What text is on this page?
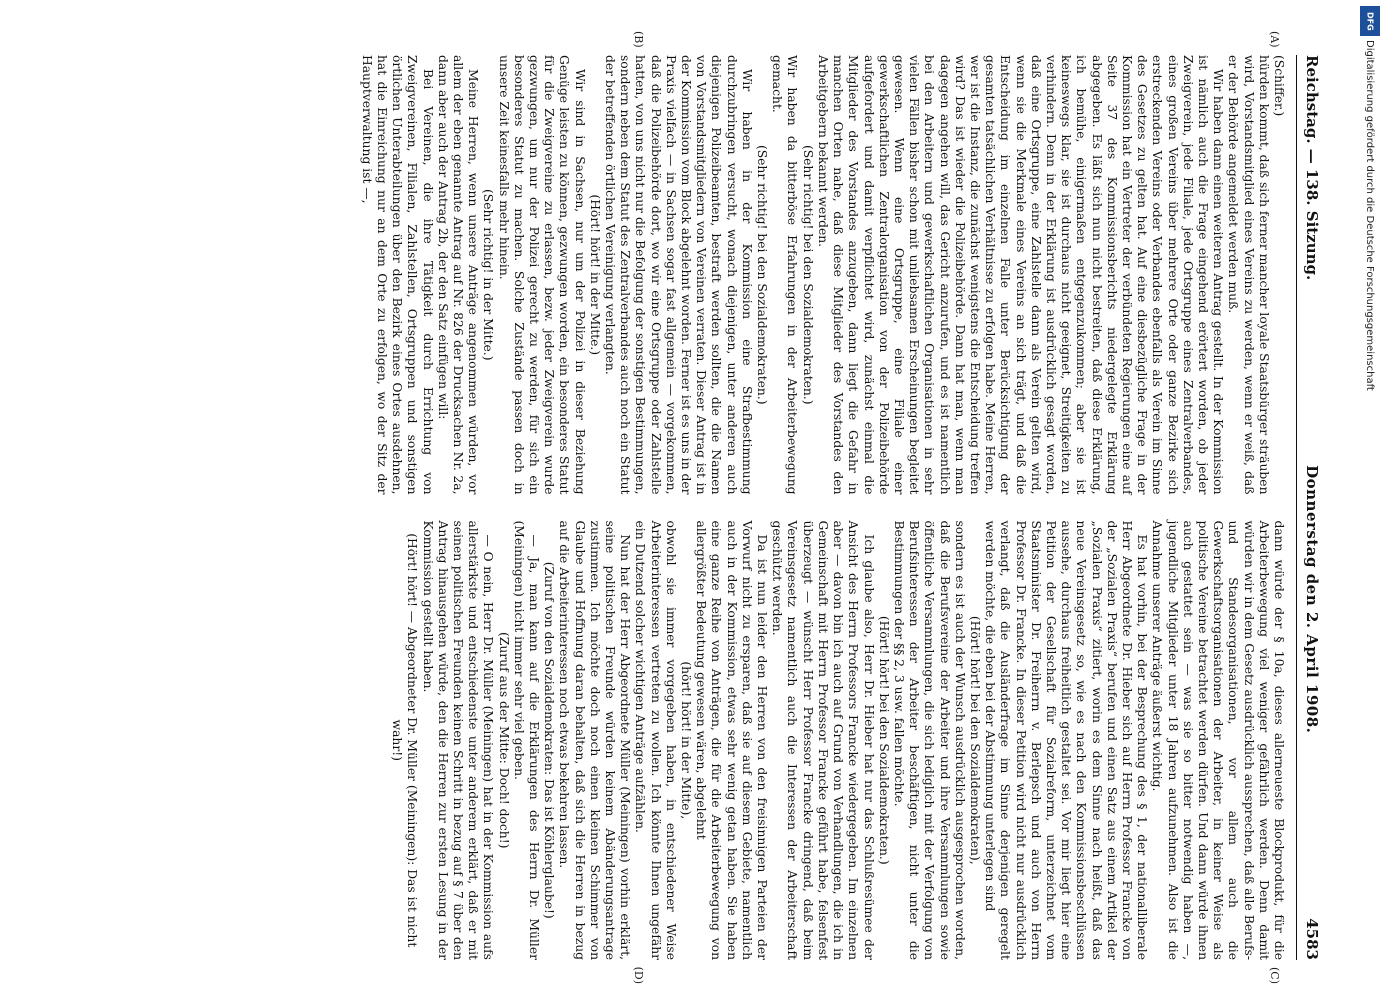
Reichstag. — 138. Sitzung.
Donnerstag den 2. April 1908.
4583
(A)
(B)

(Schiffer.)

hürden kommt, daß sich ferner mancher loyale Staatsbürger sträuben wird, Vorstandsmitglied eines Vereins zu werden, wenn er weiß, daß er der Behörde angemeldet werden muß.

Wir haben dann einen weiteren Antrag gestellt. In der Kommission ist nämlich auch die Frage eingehend erörtert worden, ob jeder Zweigverein, jede Filiale, jede Ortsgruppe eines Zentralverbandes, eines großen Vereins über mehrere Orte oder ganze Bezirke sich erstreckenden Vereins oder Verbandes ebenfalls als Verein im Sinne des Gesetzes zu gelten hat. Auf eine diesbezügliche Frage in der Kommission hat ein Vertreter der verbündeten Regierungen eine auf Seite 37 des Kommissionsberichts niedergelegte Erklärung abgegeben. Es läßt sich nun nicht bestreiten, daß diese Erklärung, ich bemühe, einigermaßen entgegenzukommen; aber sie ist keineswegs klar, sie ist durchaus nicht geeignet, Streitigkeiten zu verhindern. Denn in der Erklärung ist ausdrücklich gesagt worden, daß eine Ortsgruppe, eine Zahlstelle dann als Verein gelten wird, wenn sie die Merkmale eines Vereins an sich trägt, und daß die Entscheidung im einzelnen Falle unter Berücksichtigung der gesamten tatsächlichen Verhältnisse zu erfolgen habe. Meine Herren, wer ist die Instanz, die zunächst wenigstens die Entscheidung treffen wird? Das ist wieder die Polizeibehörde. Dann hat man, wenn man dagegen angehen will, das Gericht anzurufen, und es ist namentlich bei den Arbeitern und gewerkschaftlichen Organisationen in sehr vielen Fällen bisher schon mit unliebsamen Erscheinungen begleitet gewesen. Wenn eine Ortsgruppe, eine Filiale einer gewerkschaftlichen Zentralorganisation von der Polizeibehörde aufgefordert und damit verpflichtet wird, zunächst einmal die Mitglieder des Vorstandes anzugeben, dann liegt die Gefahr in manchen Orten nahe, daß diese Mitglieder des Vorstandes den Arbeitgebern bekannt werden.

(Sehr richtig! bei den Sozialdemokraten.)

Wir haben da bitterböse Erfahrungen in der Arbeiterbewegung gemacht.

(Sehr richtig! bei den Sozialdemokraten.)

Wir haben in der Kommission eine Strafbestimmung durchzubringen versucht, wonach diejenigen, unter anderen auch diejenigen Polizeibeamten, bestraft werden sollten, die die Namen von Vorstandsmitgliedern von Vereinen verraten. Dieser Antrag ist in der Kommission vom Block abgelehnt worden. Ferner ist es uns in der Praxis vielfach — in Sachsen sogar fast allgemein — vorgekommen, daß die Polizeibehörde dort, wo wir eine Ortsgruppe oder Zahlstelle hatten, von uns nicht nur die Befolgung der sonstigen Bestimmungen, sondern neben dem Statut des Zentralverbandes auch noch ein Statut der betreffenden örtlichen Vereinigung verlangten.

(Hört! hört! in der Mitte.)

Wir sind in Sachsen, nur um der Polizei in dieser Beziehung Genüge leisten zu können, gezwungen worden, ein besonderes Statut für die Zweigvereine zu erlassen, bezw. jeder Zweigverein wurde gezwungen, um nur der Polizei gerecht zu werden, für sich ein besonderes Statut zu machen. Solche Zustände passen doch in unsere Zeit keinesfalls mehr hinein.

(Sehr richtig! in der Mitte.)

Meine Herren, wenn unsere Anträge angenommen würden, vor allem der eben genannte Antrag auf Nr. 826 der Drucksachen Nr. 2a, dann aber auch der Antrag 2b, der den Satz einfügen will:

Bei Vereinen, die ihre Tätigkeit durch Errichtung von Zweigvereinen, Filialen, Zahlstellen, Ortsgruppen und sonstigen örtlichen Unterabteilungen über den Bezirk eines Ortes ausdehnen, hat die Einreichung nur an dem Orte zu erfolgen, wo der Sitz der Hauptverwaltung ist —,

(C)
(D)

dann würde der § 10a, dieses allerneueste Blockprodukt, für die Arbeiterbewegung viel weniger gefährlich werden. Denn damit würden wir in dem Gesetz ausdrücklich aussprechen, daß alle Berufs- und Standesorganisationen, vor allem auch die Gewerkschaftsorganisationen der Arbeiter, in keiner Weise als politische Vereine betrachtet werden dürfen. Und dann würde ihnen auch gestattet sein — was sie so bitter notwendig haben —, jugendliche Mitglieder unter 18 Jahren aufzunehmen. Also ist die Annahme unserer Anträge äußerst wichtig.

Es hat vorhin, bei der Besprechung des § 1, der nationalliberale Herr Abgeordnete Dr. Hieber sich auf Herrn Professor Francke von der „Sozialen Praxis“ berufen und einen Satz aus einem Artikel der „Sozialen Praxis“ zitiert, worin es dem Sinne nach heißt, daß das neue Vereinsgesetz so, wie es nach den Kommissionsbeschlüssen aussehe, durchaus freiheitlich gestaltet sei. Vor mir liegt hier eine Petition der Gesellschaft für Sozialreform, unterzeichnet vom Staatsminister Dr. Freiherrn v. Berlepsch und auch von Herrn Professor Dr. Francke. In dieser Petition wird nicht nur ausdrücklich verlangt, daß die Ausländerfrage im Sinne derjenigen geregelt werden möchte, die eben bei der Abstimmung unterlegen sind

(Hört! hört! bei den Sozialdemokraten),

sondern es ist auch der Wunsch ausdrücklich ausgesprochen worden, daß die Berufsvereine der Arbeiter und ihre Versammlungen sowie öffentliche Versammlungen, die sich lediglich mit der Verfolgung von Berufsinteressen der Arbeiter beschäftigen, nicht unter die Bestimmungen der §§ 2, 3 usw. fallen möchte.

(Hört! hört! bei den Sozialdemokraten.)

Ich glaube also, Herr Dr. Hieber hat nur das Schlußresümee der Ansicht des Herrn Professors Francke wiedergegeben. Im einzelnen aber — davon bin ich auch auf Grund von Verhandlungen, die ich in Gemeinschaft mit Herrn Professor Francke geführt habe, felsenfest überzeugt — wünscht Herr Professor Francke dringend, daß beim Vereinsgesetz namentlich auch die Interessen der Arbeiterschaft geschützt werden.

Da ist nun leider den Herren von den freisinnigen Parteien der Vorwurf nicht zu ersparen, daß sie auf diesem Gebiete, namentlich auch in der Kommission, etwas sehr wenig getan haben. Sie haben eine ganze Reihe von Anträgen, die für die Arbeiterbewegung von allergrößter Bedeutung gewesen wären, abgelehnt

(hört! hört! in der Mitte),

obwohl sie immer vorgegeben haben, in entschiedener Weise Arbeiterinteressen vertreten zu wollen. Ich könnte Ihnen ungefähr ein Dutzend solcher wichtigen Anträge aufzählen.

Nun hat der Herr Abgeordnete Müller (Meiningen) vorhin erklärt, seine politischen Freunde würden keinem Abänderungsantrage zustimmen. Ich möchte doch noch einen kleinen Schimmer von Glaube und Hoffnung daran behalten, daß sich die Herren in bezug auf die Arbeiterinteressen noch etwas bekehren lassen.

(Zuruf von den Sozialdemokraten: Das ist Köhlerglaube!)

— Ja, man kann auf die Erklärungen des Herrn Dr. Müller (Meiningen) nicht immer sehr viel geben.

(Zuruf aus der Mitte: Doch! doch!)

— O nein, Herr Dr. Müller (Meiningen) hat in der Kommission aufs allerstärkste und entschiedenste unter anderem erklärt, daß er mit seinen politischen Freunden keinen Schritt in bezug auf § 7 über den Antrag hinausgehen würde, den die Herren zur ersten Lesung in der Kommission gestellt haben.

(Hört! hört! — Abgeordneter Dr. Müller (Meiningen): Das ist nicht wahr!)

DFG
Digitalisierung gefördert durch die Deutsche Forschungsgemeinschaft
